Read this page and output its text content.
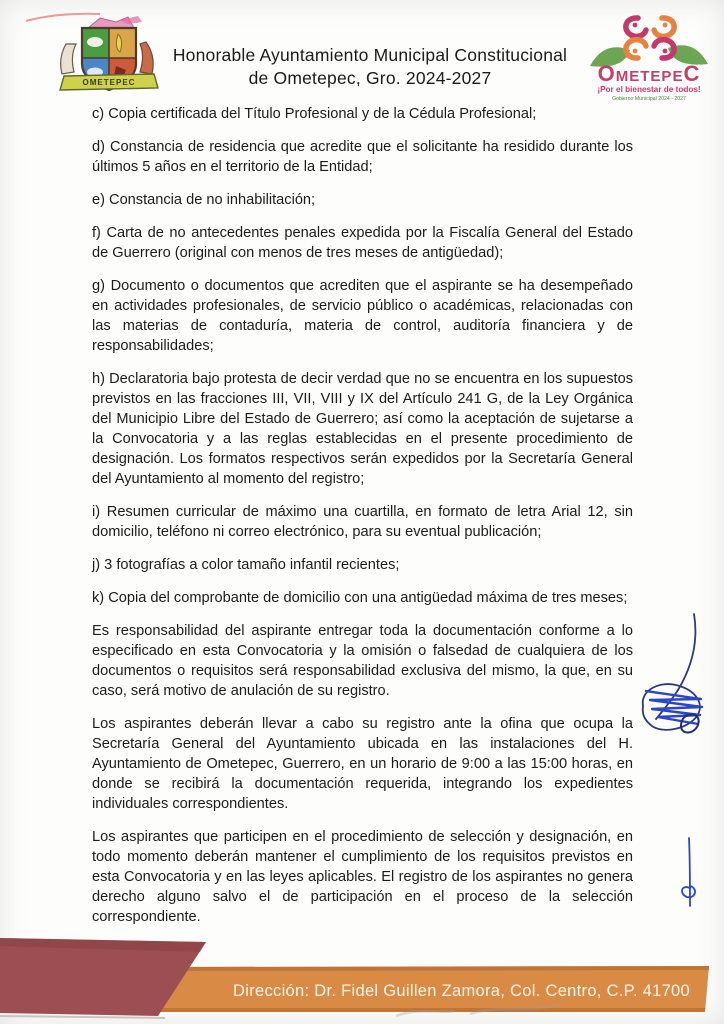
OMETEPEC
Honorable Ayuntamiento Municipal Constitucional
de Ometepec, Gro. 2024-2027	OMETEPEC
¡Por el bienestar de todos!
Gobierno Municipal 2024 - 2027

c) Copia certificada del Título Profesional y de la Cédula Profesional;

d) Constancia de residencia que acredite que el solicitante ha residido durante los últimos 5 años en el territorio de la Entidad;

e) Constancia de no inhabilitación;

f) Carta de no antecedentes penales expedida por la Fiscalía General del Estado de Guerrero (original con menos de tres meses de antigüedad);

g) Documento o documentos que acrediten que el aspirante se ha desempeñado en actividades profesionales, de servicio público o académicas, relacionadas con las materias de contaduría, materia de control, auditoría financiera y de responsabilidades;

h) Declaratoria bajo protesta de decir verdad que no se encuentra en los supuestos previstos en las fracciones III, VII, VIII y IX del Artículo 241 G, de la Ley Orgánica del Municipio Libre del Estado de Guerrero; así como la aceptación de sujetarse a la Convocatoria y a las reglas establecidas en el presente procedimiento de designación. Los formatos respectivos serán expedidos por la Secretaría General del Ayuntamiento al momento del registro;

i) Resumen curricular de máximo una cuartilla, en formato de letra Arial 12, sin domicilio, teléfono ni correo electrónico, para su eventual publicación;

j) 3 fotografías a color tamaño infantil recientes;

k) Copia del comprobante de domicilio con una antigüedad máxima de tres meses;

Es responsabilidad del aspirante entregar toda la documentación conforme a lo especificado en esta Convocatoria y la omisión o falsedad de cualquiera de los documentos o requisitos será responsabilidad exclusiva del mismo, la que, en su caso, será motivo de anulación de su registro.

Los aspirantes deberán llevar a cabo su registro ante la ofina que ocupa la Secretaría General del Ayuntamiento ubicada en las instalaciones del H. Ayuntamiento de Ometepec, Guerrero, en un horario de 9:00 a las 15:00 horas, en donde se recibirá la documentación requerida, integrando los expedientes individuales correspondientes.

Los aspirantes que participen en el procedimiento de selección y designación, en todo momento deberán mantener el cumplimiento de los requisitos previstos en esta Convocatoria y en las leyes aplicables. El registro de los aspirantes no genera derecho alguno salvo el de participación en el proceso de la selección correspondiente.

Dirección: Dr. Fidel Guillen Zamora, Col. Centro, C.P. 41700
